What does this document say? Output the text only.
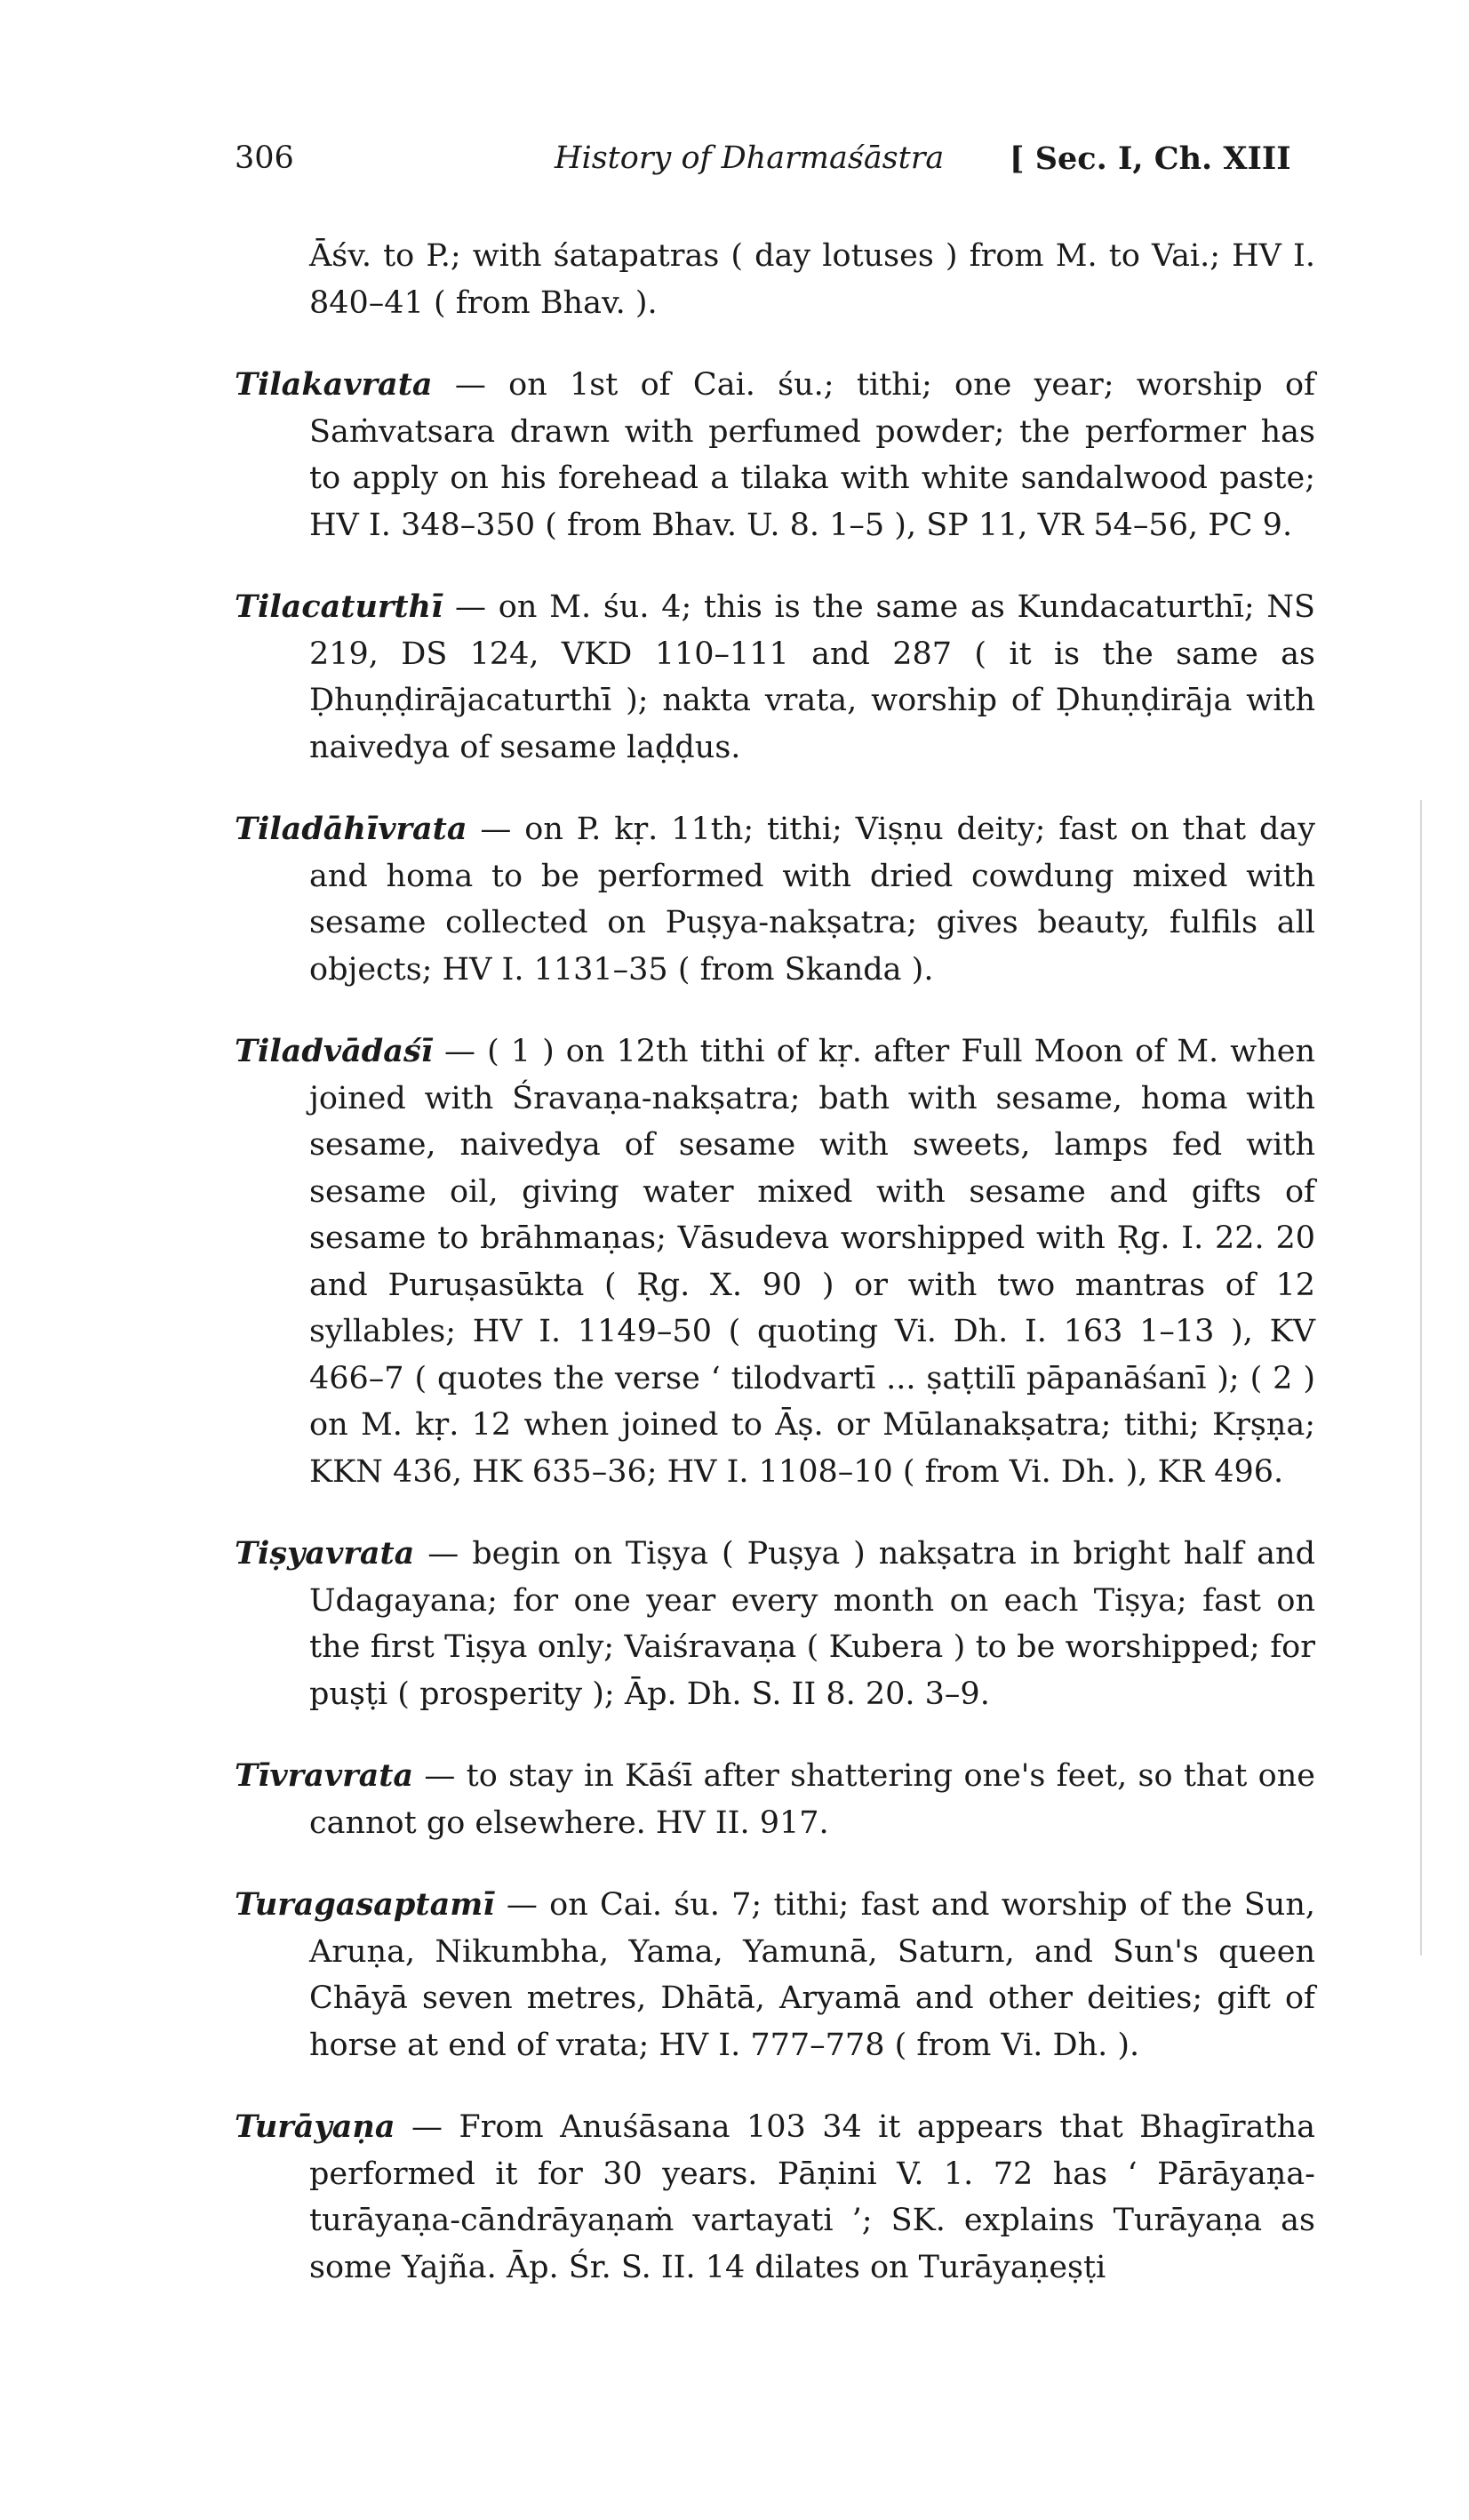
306	History of Dharmaśāstra [ Sec. I, Ch. XIII

Āśv. to P.; with śatapatras ( day lotuses ) from M. to Vai.; HV I. 840–41 ( from Bhav. ).

Tilakavrata — on 1st of Cai. śu.; tithi; one year; worship of Saṁvatsara drawn with perfumed powder; the performer has to apply on his forehead a tilaka with white sandalwood paste; HV I. 348–350 ( from Bhav. U. 8. 1–5 ), SP 11, VR 54–56, PC 9.

Tilacaturthī — on M. śu. 4; this is the same as Kundacaturthī; NS 219, DS 124, VKD 110–111 and 287 ( it is the same as Ḍhuṇḍirājacaturthī ); nakta vrata, worship of Ḍhuṇḍirāja with naivedya of sesame laḍḍus.

Tiladāhīvrata — on P. kṛ. 11th; tithi; Viṣṇu deity; fast on that day and homa to be performed with dried cowdung mixed with sesame collected on Puṣya-nakṣatra; gives beauty, fulfils all objects; HV I. 1131–35 ( from Skanda ).

Tiladvādaśī — ( 1 ) on 12th tithi of kṛ. after Full Moon of M. when joined with Śravaṇa-nakṣatra; bath with sesame, homa with sesame, naivedya of sesame with sweets, lamps fed with sesame oil, giving water mixed with sesame and gifts of sesame to brāhmaṇas; Vāsudeva worshipped with Ṛg. I. 22. 20 and Puruṣasūkta ( Ṛg. X. 90 ) or with two mantras of 12 syllables; HV I. 1149–50 ( quoting Vi. Dh. I. 163 1–13 ), KV 466–7 ( quotes the verse ‘ tilodvartī ... ṣaṭtilī pāpanāśanī ); ( 2 ) on M. kṛ. 12 when joined to Āṣ. or Mūlanakṣatra; tithi; Kṛṣṇa; KKN 436, HK 635–36; HV I. 1108–10 ( from Vi. Dh. ), KR 496.

Tiṣyavrata — begin on Tiṣya ( Puṣya ) nakṣatra in bright half and Udagayana; for one year every month on each Tiṣya; fast on the first Tiṣya only; Vaiśravaṇa ( Kubera ) to be worshipped; for puṣṭi ( prosperity ); Āp. Dh. S. II 8. 20. 3–9.

Tīvravrata — to stay in Kāśī after shattering one's feet, so that one cannot go elsewhere. HV II. 917.

Turagasaptamī — on Cai. śu. 7; tithi; fast and worship of the Sun, Aruṇa, Nikumbha, Yama, Yamunā, Saturn, and Sun's queen Chāyā seven metres, Dhātā, Aryamā and other deities; gift of horse at end of vrata; HV I. 777–778 ( from Vi. Dh. ).

Turāyaṇa — From Anuśāsana 103 34 it appears that Bhagīratha performed it for 30 years. Pāṇini V. 1. 72 has ‘ Pārāyaṇa-turāyaṇa-cāndrāyaṇaṁ vartayati ’; SK. explains Turāyaṇa as some Yajña. Āp. Śr. S. II. 14 dilates on Turāyaṇeṣṭi
